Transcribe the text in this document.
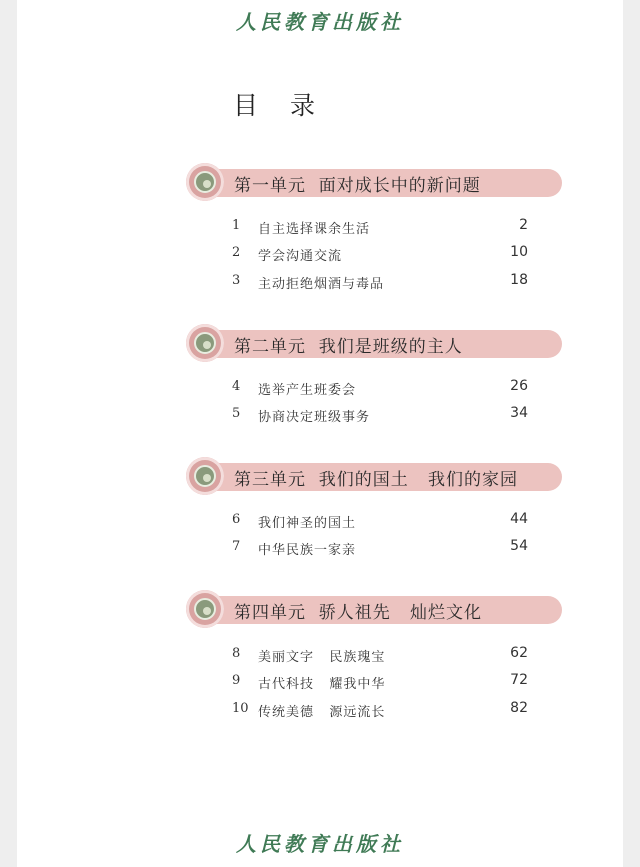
人民教育出版社
目 录
第一单元  面对成长中的新问题
1 自主选择课余生活	2
2 学会沟通交流	10
3 主动拒绝烟酒与毒品	18
第二单元  我们是班级的主人
4 选举产生班委会	26
5 协商决定班级事务	34
第三单元  我们的国土   我们的家园
6 我们神圣的国土	44
7 中华民族一家亲	54
第四单元  骄人祖先   灿烂文化
8 美丽文字   民族瑰宝	62
9 古代科技   耀我中华	72
10 传统美德   源远流长	82
人民教育出版社
